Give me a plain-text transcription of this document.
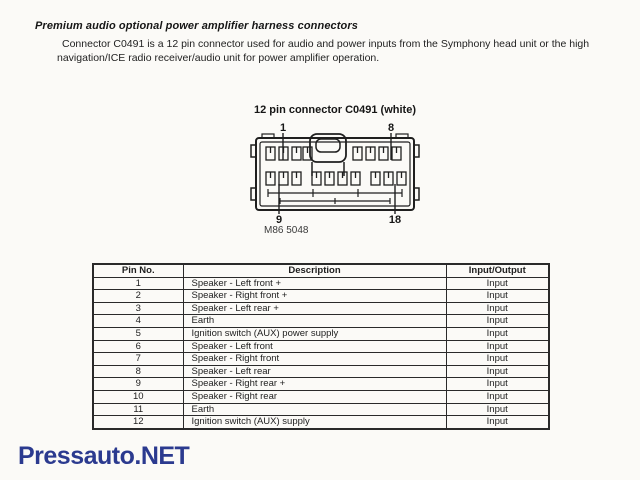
Premium audio optional power amplifier harness connectors
Connector C0491 is a 12 pin connector used for audio and power inputs from the Symphony head unit or the high
navigation/ICE radio receiver/audio unit for power amplifier operation.
12 pin connector C0491 (white)
1	8
9	18
M86 5048
Pin No.	Description	Input/Output
1	Speaker - Left front +	Input
2	Speaker - Right front +	Input
3	Speaker - Left rear +	Input
4	Earth	Input
5	Ignition switch (AUX) power supply	Input
6	Speaker - Left front	Input
7	Speaker - Right front	Input
8	Speaker - Left rear	Input
9	Speaker - Right rear +	Input
10	Speaker - Right rear	Input
11	Earth	Input
12	Ignition switch (AUX) supply	Input
Pressauto.NET
